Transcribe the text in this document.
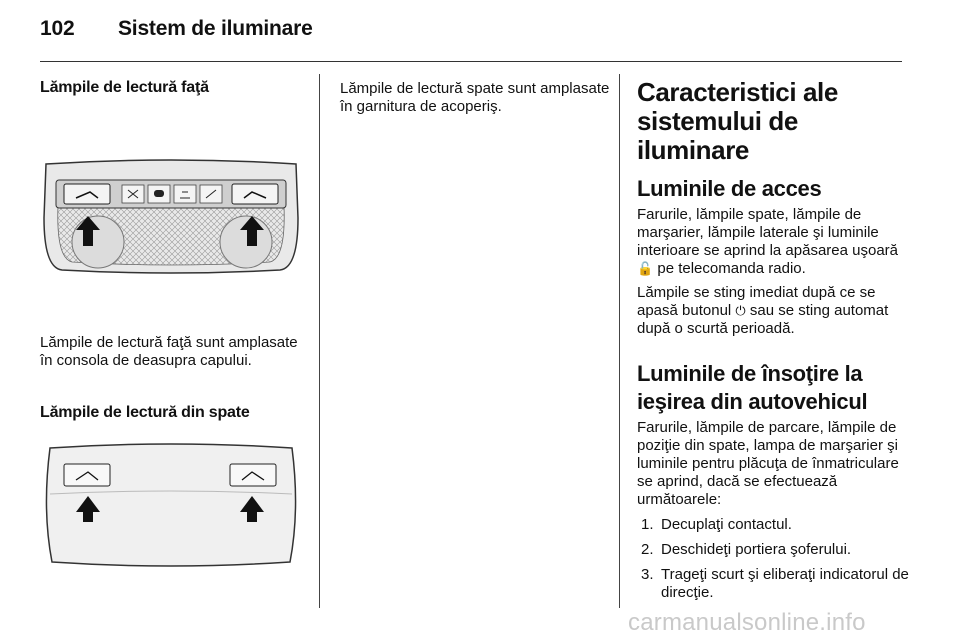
102 Sistem de iluminare
Lămpile de lectură faţă
Lămpile de lectură faţă sunt amplasate în consola de deasupra capului.
Lămpile de lectură din spate
Lămpile de lectură spate sunt amplasate în garnitura de acoperiş.	Caracteristici ale sistemului de iluminare
Luminile de acces
Farurile, lămpile spate, lămpile de marşarier, lămpile laterale şi luminile interioare se aprind la apăsarea uşoară 🔓 pe telecomanda radio.
Lămpile se sting imediat după ce se apasă butonul ⏻ sau se sting automat după o scurtă perioadă.
Luminile de însoţire la ieşirea din autovehicul
Farurile, lămpile de parcare, lămpile de poziţie din spate, lampa de marşarier şi luminile pentru plăcuţa de înmatriculare se aprind, dacă se efectuează următoarele:
1. Decuplaţi contactul.
2. Deschideţi portiera şoferului.
3. Trageţi scurt şi eliberaţi indicatorul de direcţie.
carmanualsonline.info
